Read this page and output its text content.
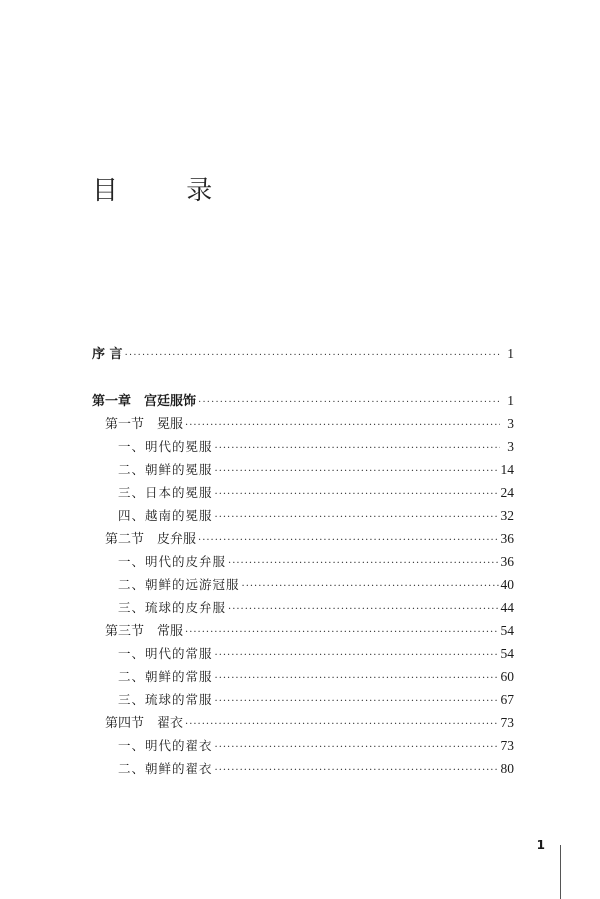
目 录
序 言 ·····	1
第一章　宫廷服饰 ·····	1
第一节　冕服 ·····	3
一、明代的冕服 ·····	3
二、朝鲜的冕服 ·····	14
三、日本的冕服 ·····	24
四、越南的冕服 ·····	32
第二节　皮弁服 ·····	36
一、明代的皮弁服 ·····	36
二、朝鲜的远游冠服 ·····	40
三、琉球的皮弁服 ·····	44
第三节　常服 ·····	54
一、明代的常服 ·····	54
二、朝鲜的常服 ·····	60
三、琉球的常服 ·····	67
第四节　翟衣 ·····	73
一、明代的翟衣 ·····	73
二、朝鲜的翟衣 ·····	80
1
